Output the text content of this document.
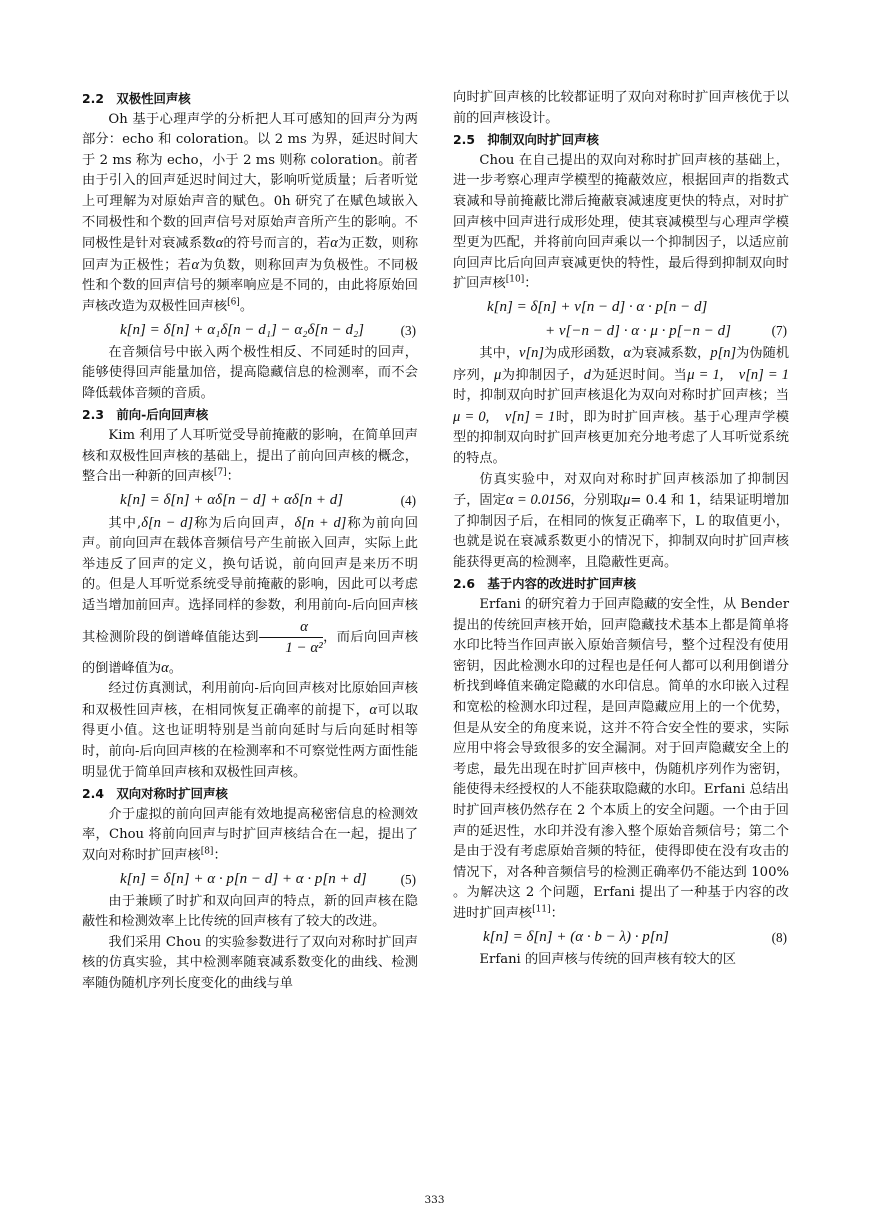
2.2　双极性回声核

Oh 基于心理声学的分析把人耳可感知的回声分为两部分：echo 和 coloration。以 2 ms 为界，延迟时间大于 2 ms 称为 echo，小于 2 ms 则称 coloration。前者由于引入的回声延迟时间过大，影响听觉质量；后者听觉上可理解为对原始声音的赋色。0h 研究了在赋色域嵌入不同极性和个数的回声信号对原始声音所产生的影响。不同极性是针对衰减系数α的符号而言的，若α为正数，则称回声为正极性；若α为负数，则称回声为负极性。不同极性和个数的回声信号的频率响应是不同的，由此将原始回声核改造为双极性回声核[6]。

k[n] = δ[n] + α₁δ[n − d₁] − α₂δ[n − d₂]	(3)

在音频信号中嵌入两个极性相反、不同延时的回声，能够使得回声能量加倍，提高隐藏信息的检测率，而不会降低载体音频的音质。

2.3　前向-后向回声核

Kim 利用了人耳听觉受导前掩蔽的影响，在简单回声核和双极性回声核的基础上，提出了前向回声核的概念，整合出一种新的回声核[7]：

k[n] = δ[n] + αδ[n − d] + αδ[n + d]	(4)

其中,δ[n − d]称为后向回声，δ[n + d]称为前向回声。前向回声在载体音频信号产生前嵌入回声，实际上此举违反了回声的定义，换句话说，前向回声是来历不明的。但是人耳听觉系统受导前掩蔽的影响，因此可以考虑适当增加前回声。选择同样的参数，利用前向-后向回声核其检测阶段的倒谱峰值能达到 $\frac{\alpha}{\text{1 − α²}}$ ，而后向回声核的倒谱峰值为α。

经过仿真测试，利用前向-后向回声核对比原始回声核和双极性回声核，在相同恢复正确率的前提下，α可以取得更小值。这也证明特别是当前向延时与后向延时相等时，前向-后向回声核的在检测率和不可察觉性两方面性能明显优于简单回声核和双极性回声核。

2.4　双向对称时扩回声核

介于虚拟的前向回声能有效地提高秘密信息的检测效率，Chou 将前向回声与时扩回声核结合在一起，提出了双向对称时扩回声核[8]：

k[n] = δ[n] + α · p[n − d] + α · p[n + d]	(5)

由于兼顾了时扩和双向回声的特点，新的回声核在隐蔽性和检测效率上比传统的回声核有了较大的改进。

我们采用 Chou 的实验参数进行了双向对称时扩回声核的仿真实验，其中检测率随衰减系数变化的曲线、检测率随伪随机序列长度变化的曲线与单

向时扩回声核的比较都证明了双向对称时扩回声核优于以前的回声核设计。

2.5　抑制双向时扩回声核

Chou 在自己提出的双向对称时扩回声核的基础上，进一步考察心理声学模型的掩蔽效应，根据回声的指数式衰减和导前掩蔽比滞后掩蔽衰减速度更快的特点，对时扩回声核中回声进行成形处理，使其衰减模型与心理声学模型更为匹配，并将前向回声乘以一个抑制因子，以适应前向回声比后向回声衰减更快的特性，最后得到抑制双向时扩回声核[10]：

k[n] = δ[n] + v[n − d] · α · p[n − d]
+ v[−n − d] · α · μ · p[−n − d]	(7)

其中，v[n]为成形函数，α为衰减系数，p[n]为伪随机序列，μ为抑制因子，d为延迟时间。当μ = 1,　v[n] = 1时，抑制双向时扩回声核退化为双向对称时扩回声核；当μ = 0,　v[n] = 1时，即为时扩回声核。基于心理声学模型的抑制双向时扩回声核更加充分地考虑了人耳听觉系统的特点。

仿真实验中，对双向对称时扩回声核添加了抑制因子，固定α = 0.0156，分别取μ= 0.4 和 1，结果证明增加了抑制因子后，在相同的恢复正确率下，L 的取值更小，也就是说在衰减系数更小的情况下，抑制双向时扩回声核能获得更高的检测率，且隐蔽性更高。

2.6　基于内容的改进时扩回声核

Erfani 的研究着力于回声隐藏的安全性，从 Bender 提出的传统回声核开始，回声隐藏技术基本上都是简单将水印比特当作回声嵌入原始音频信号，整个过程没有使用密钥，因此检测水印的过程也是任何人都可以利用倒谱分析找到峰值来确定隐藏的水印信息。简单的水印嵌入过程和宽松的检测水印过程，是回声隐藏应用上的一个优势，但是从安全的角度来说，这并不符合安全性的要求，实际应用中将会导致很多的安全漏洞。对于回声隐藏安全上的考虑，最先出现在时扩回声核中，伪随机序列作为密钥，能使得未经授权的人不能获取隐藏的水印。Erfani 总结出时扩回声核仍然存在 2 个本质上的安全问题。一个由于回声的延迟性，水印并没有渗入整个原始音频信号；第二个是由于没有考虑原始音频的特征，使得即使在没有攻击的情况下，对各种音频信号的检测正确率仍不能达到 100% 。为解决这 2 个问题，Erfani 提出了一种基于内容的改进时扩回声核[11]：

k[n] = δ[n] + (α · b − λ) · p[n]	(8)

Erfani 的回声核与传统的回声核有较大的区

333
